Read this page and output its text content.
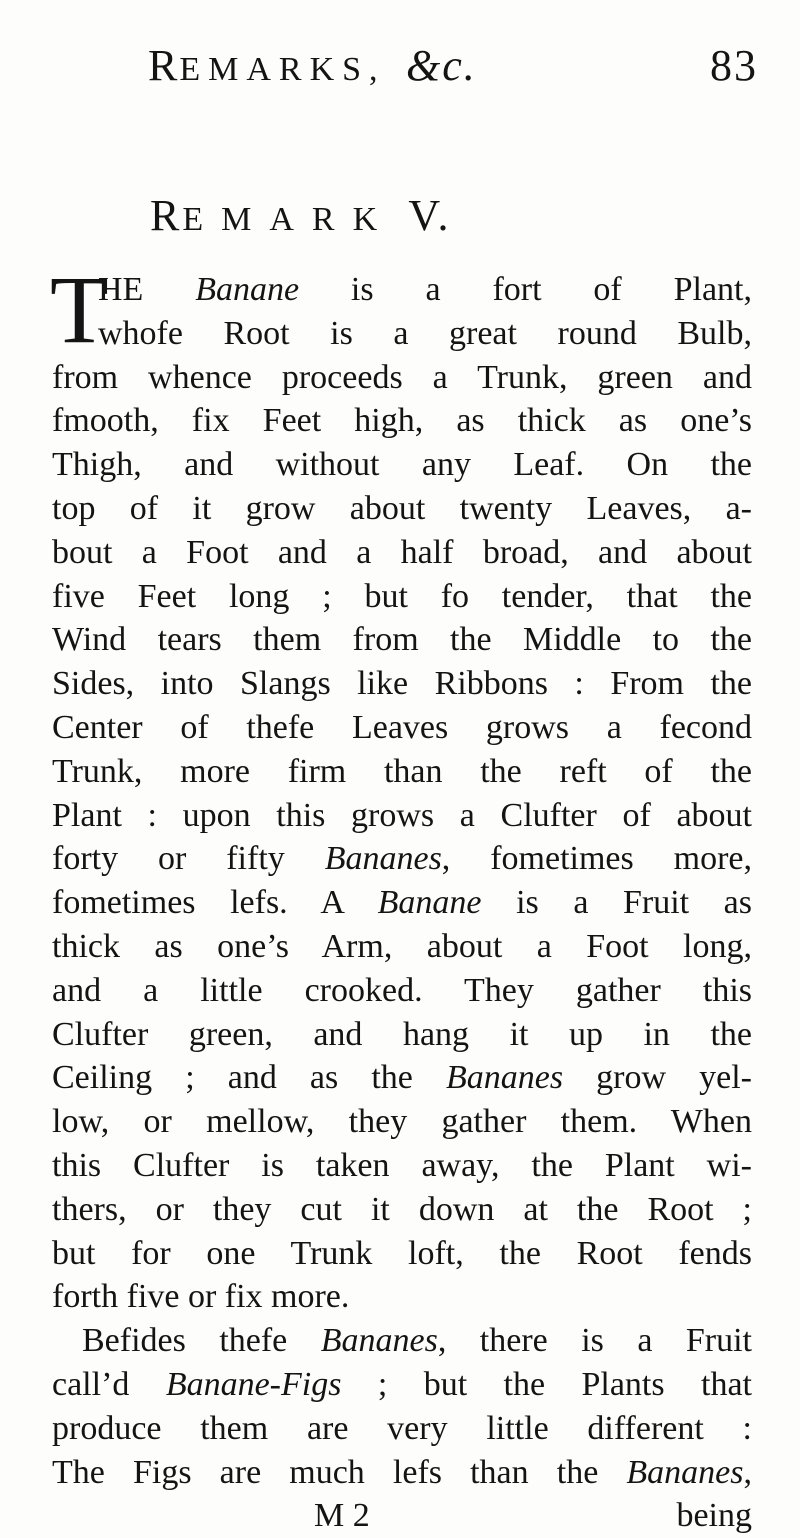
REMARKS, &c.	83
REMARK V.
T
HE Banane is a fort of Plant,
whofe Root is a great round Bulb,
from whence proceeds a Trunk, green and
fmooth, fix Feet high, as thick as one’s
Thigh, and without any Leaf. On the
top of it grow about twenty Leaves, a-
bout a Foot and a half broad, and about
five Feet long ; but fo tender, that the
Wind tears them from the Middle to the
Sides, into Slangs like Ribbons : From the
Center of thefe Leaves grows a fecond
Trunk, more firm than the reft of the
Plant : upon this grows a Clufter of about
forty or fifty Bananes, fometimes more,
fometimes lefs. A Banane is a Fruit as
thick as one’s Arm, about a Foot long,
and a little crooked. They gather this
Clufter green, and hang it up in the
Ceiling ; and as the Bananes grow yel-
low, or mellow, they gather them. When
this Clufter is taken away, the Plant wi-
thers, or they cut it down at the Root ;
but for one Trunk loft, the Root fends
forth five or fix more.
Befides thefe Bananes, there is a Fruit
call’d Banane-Figs ; but the Plants that
produce them are very little different :
The Figs are much lefs than the Bananes,
M 2	being
